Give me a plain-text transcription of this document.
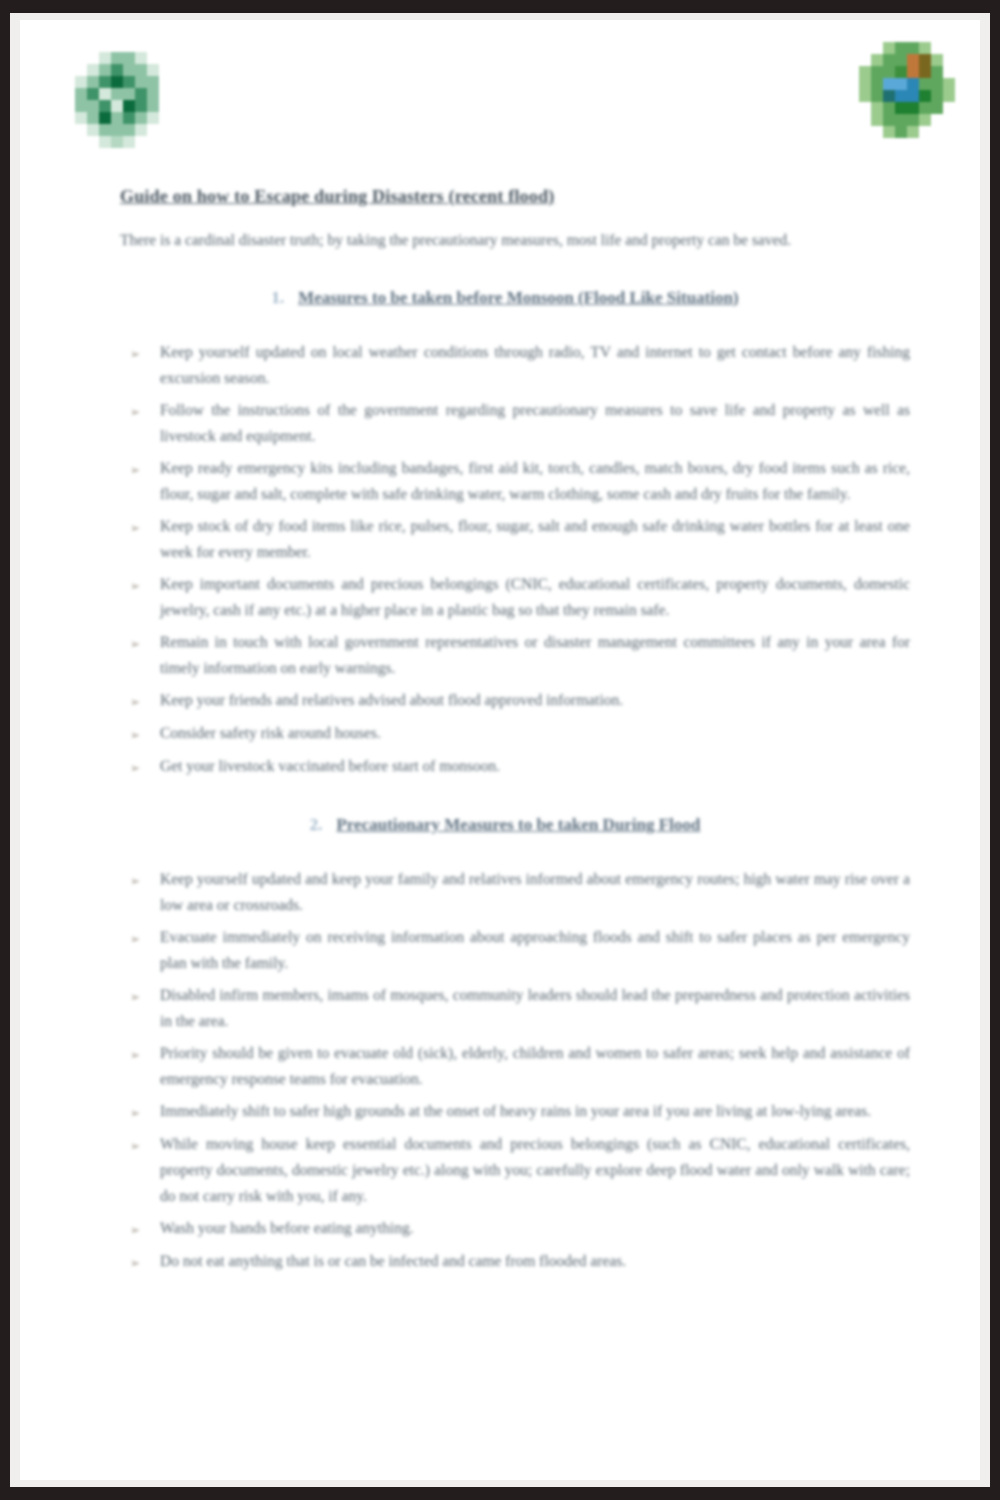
Guide on how to Escape during Disasters (recent flood)

There is a cardinal disaster truth; by taking the precautionary measures, most life and property can be saved.

1. Measures to be taken before Monsoon (Flood Like Situation)
➢	Keep yourself updated on local weather conditions through radio, TV and internet to get contact before any fishing excursion season.
➢	Follow the instructions of the government regarding precautionary measures to save life and property as well as livestock and equipment.
➢	Keep ready emergency kits including bandages, first aid kit, torch, candles, match boxes, dry food items such as rice, flour, sugar and salt, complete with safe drinking water, warm clothing, some cash and dry fruits for the family.
➢	Keep stock of dry food items like rice, pulses, flour, sugar, salt and enough safe drinking water bottles for at least one week for every member.
➢	Keep important documents and precious belongings (CNIC, educational certificates, property documents, domestic jewelry, cash if any etc.) at a higher place in a plastic bag so that they remain safe.
➢	Remain in touch with local government representatives or disaster management committees if any in your area for timely information on early warnings.
➢	Keep your friends and relatives advised about flood approved information.
➢	Consider safety risk around houses.
➢	Get your livestock vaccinated before start of monsoon.
2. Precautionary Measures to be taken During Flood
➢	Keep yourself updated and keep your family and relatives informed about emergency routes; high water may rise over a low area or crossroads.
➢	Evacuate immediately on receiving information about approaching floods and shift to safer places as per emergency plan with the family.
➢	Disabled infirm members, imams of mosques, community leaders should lead the preparedness and protection activities in the area.
➢	Priority should be given to evacuate old (sick), elderly, children and women to safer areas; seek help and assistance of emergency response teams for evacuation.
➢	Immediately shift to safer high grounds at the onset of heavy rains in your area if you are living at low-lying areas.
➢	While moving house keep essential documents and precious belongings (such as CNIC, educational certificates, property documents, domestic jewelry etc.) along with you; carefully explore deep flood water and only walk with care; do not carry risk with you, if any.
➢	Wash your hands before eating anything.
➢	Do not eat anything that is or can be infected and came from flooded areas.
